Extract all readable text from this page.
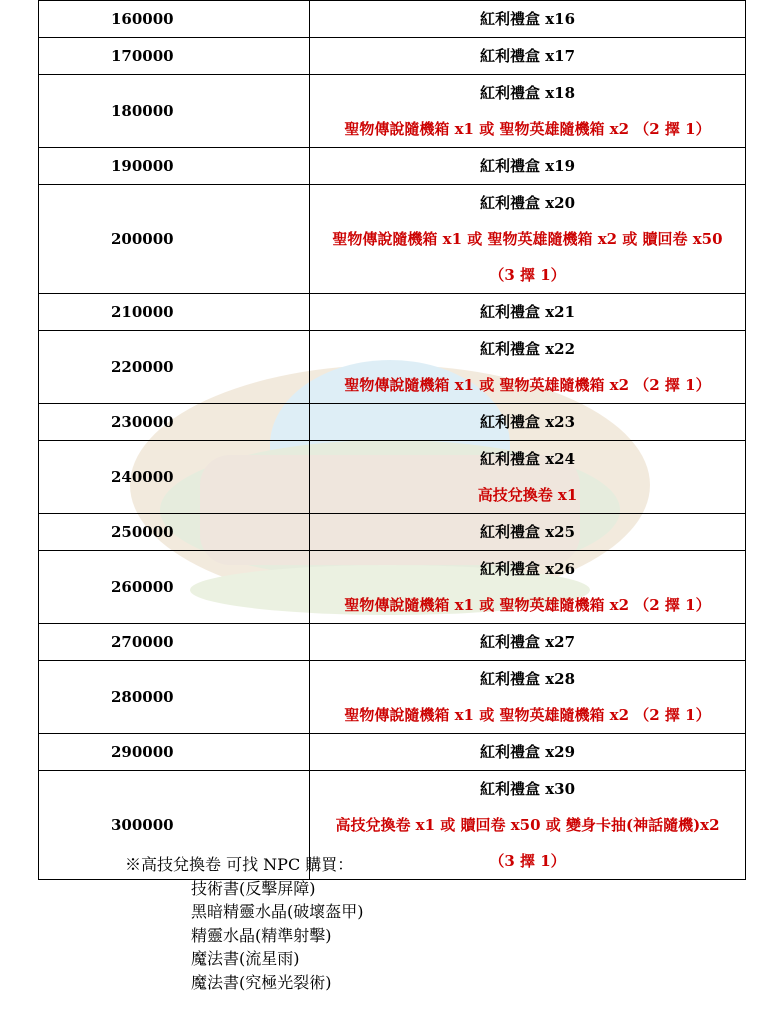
160000	紅利禮盒 x16

170000	紅利禮盒 x17

180000	紅利禮盒 x18
聖物傳說隨機箱 x1 或 聖物英雄隨機箱 x2 （2 擇 1）

190000	紅利禮盒 x19

200000	紅利禮盒 x20
聖物傳說隨機箱 x1 或 聖物英雄隨機箱 x2 或 贖回卷 x50
（3 擇 1）

210000	紅利禮盒 x21

220000	紅利禮盒 x22
聖物傳說隨機箱 x1 或 聖物英雄隨機箱 x2 （2 擇 1）

230000	紅利禮盒 x23

240000	紅利禮盒 x24
高技兌換卷 x1

250000	紅利禮盒 x25

260000	紅利禮盒 x26
聖物傳說隨機箱 x1 或 聖物英雄隨機箱 x2 （2 擇 1）

270000	紅利禮盒 x27

280000	紅利禮盒 x28
聖物傳說隨機箱 x1 或 聖物英雄隨機箱 x2 （2 擇 1）

290000	紅利禮盒 x29

300000	紅利禮盒 x30
高技兌換卷 x1 或 贖回卷 x50 或 變身卡抽(神話隨機)x2
（3 擇 1）
※高技兌換卷 可找 NPC 購買：
技術書(反擊屏障)
黑暗精靈水晶(破壞盔甲)
精靈水晶(精準射擊)
魔法書(流星雨)
魔法書(究極光裂術)
